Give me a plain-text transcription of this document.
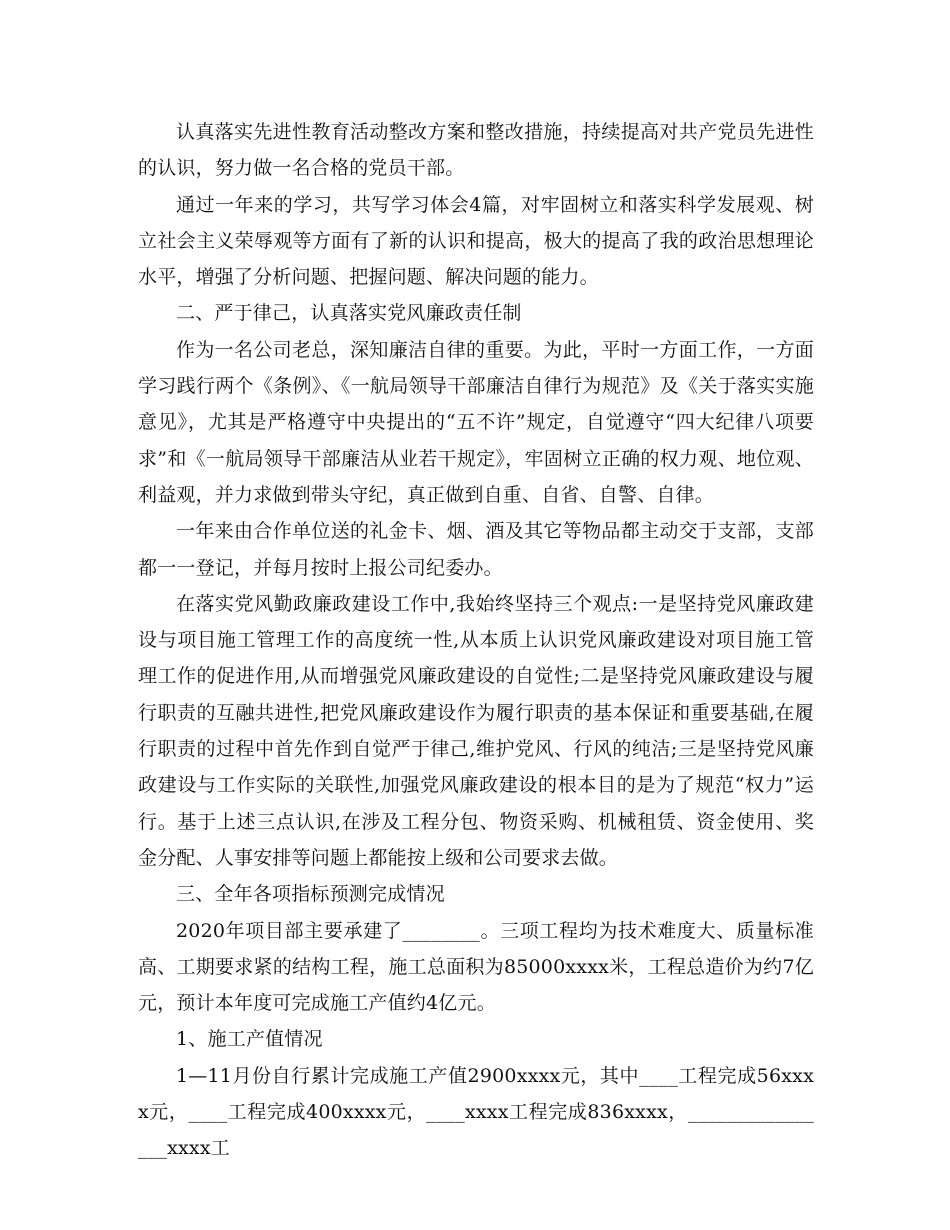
认真落实先进性教育活动整改方案和整改措施，持续提高对共产党员先进性的认识，努力做一名合格的党员干部。

通过一年来的学习，共写学习体会4篇，对牢固树立和落实科学发展观、树立社会主义荣辱观等方面有了新的认识和提高，极大的提高了我的政治思想理论水平，增强了分析问题、把握问题、解决问题的能力。

二、严于律己，认真落实党风廉政责任制

作为一名公司老总，深知廉洁自律的重要。为此，平时一方面工作，一方面学习践行两个《条例》、《一航局领导干部廉洁自律行为规范》及《关于落实实施意见》，尤其是严格遵守中央提出的“五不许”规定，自觉遵守“四大纪律八项要求”和《一航局领导干部廉洁从业若干规定》，牢固树立正确的权力观、地位观、利益观，并力求做到带头守纪，真正做到自重、自省、自警、自律。

一年来由合作单位送的礼金卡、烟、酒及其它等物品都主动交于支部，支部都一一登记，并每月按时上报公司纪委办。

在落实党风勤政廉政建设工作中,我始终坚持三个观点:一是坚持党风廉政建设与项目施工管理工作的高度统一性,从本质上认识党风廉政建设对项目施工管理工作的促进作用,从而增强党风廉政建设的自觉性;二是坚持党风廉政建设与履行职责的互融共进性,把党风廉政建设作为履行职责的基本保证和重要基础,在履行职责的过程中首先作到自觉严于律己,维护党风、行风的纯洁;三是坚持党风廉政建设与工作实际的关联性,加强党风廉政建设的根本目的是为了规范“权力”运行。基于上述三点认识,在涉及工程分包、物资采购、机械租赁、资金使用、奖金分配、人事安排等问题上都能按上级和公司要求去做。

三、全年各项指标预测完成情况

2020年项目部主要承建了________。三项工程均为技术难度大、质量标准高、工期要求紧的结构工程，施工总面积为85000xxxx米，工程总造价为约7亿元，预计本年度可完成施工产值约4亿元。

1、施工产值情况

1—11月份自行累计完成施工产值2900xxxx元，其中____工程完成56xxxx元，____工程完成400xxxx元，____xxxx工程完成836xxxx，________________xxxx工
